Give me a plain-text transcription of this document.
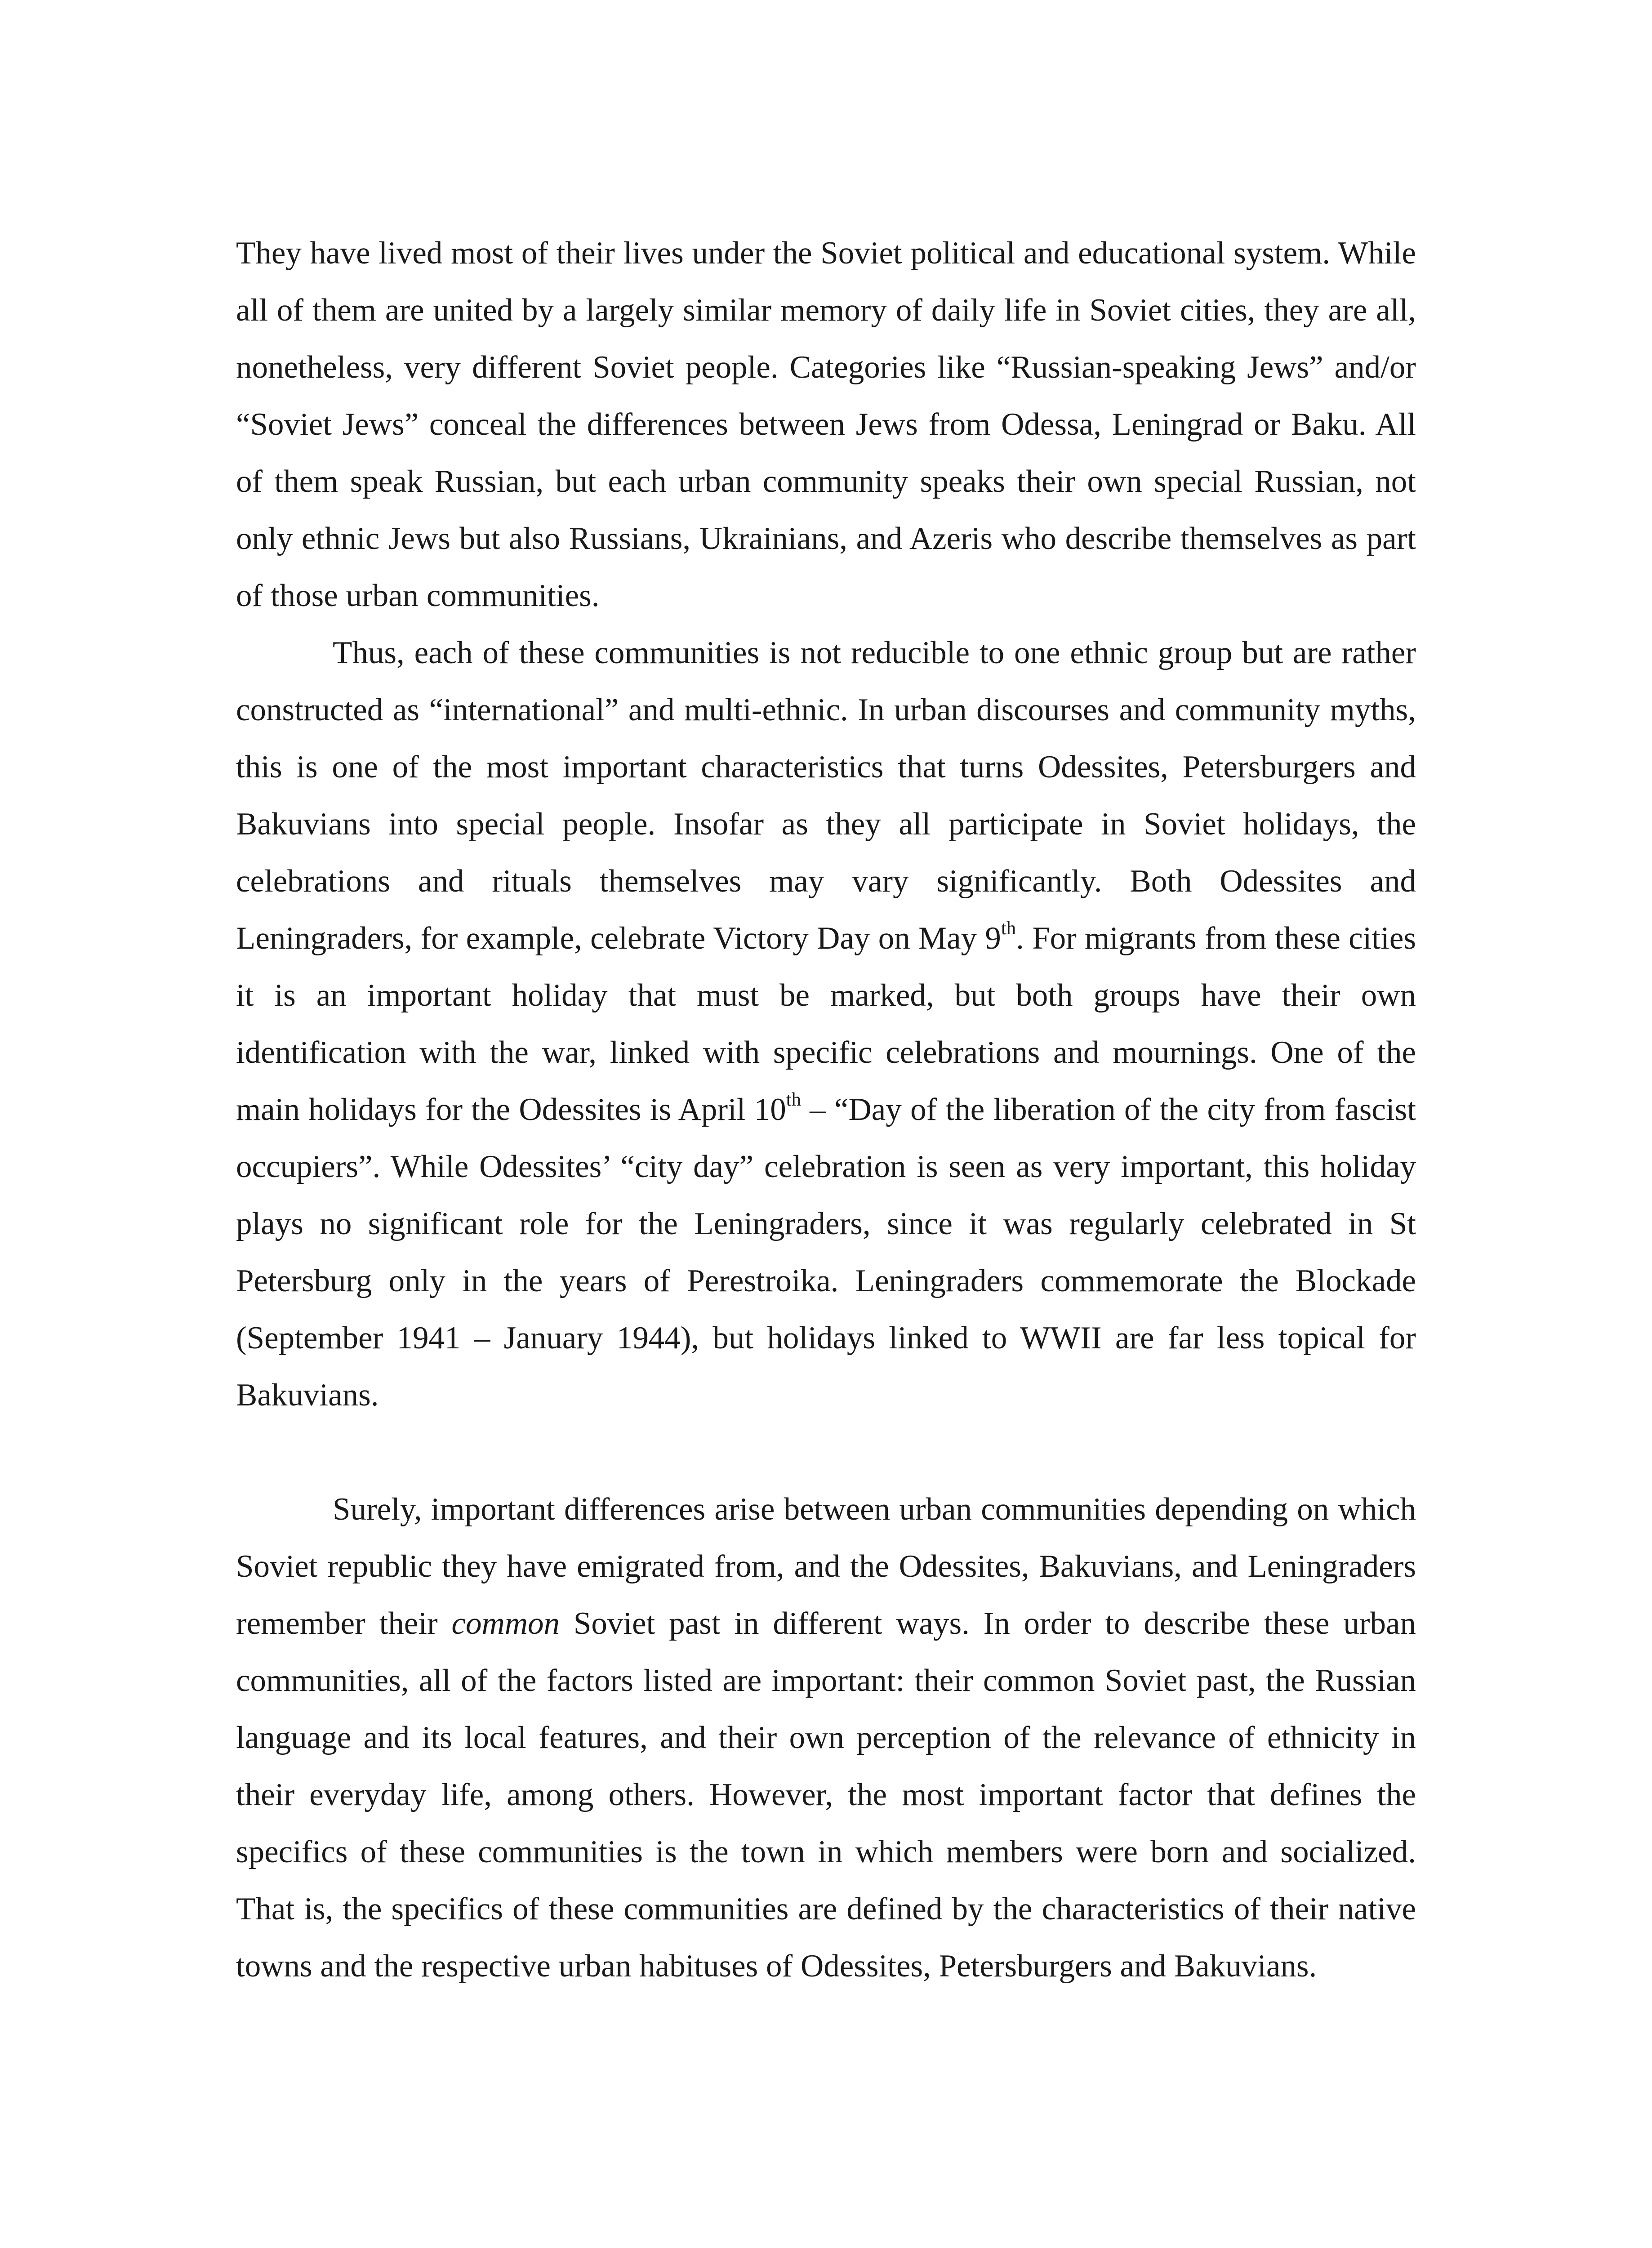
They have lived most of their lives under the Soviet political and educational system. While all of them are united by a largely similar memory of daily life in Soviet cities, they are all, nonetheless, very different Soviet people. Categories like “Russian-speaking Jews” and/or “Soviet Jews” conceal the differences between Jews from Odessa, Leningrad or Baku. All of them speak Russian, but each urban community speaks their own special Russian, not only ethnic Jews but also Russians, Ukrainians, and Azeris who describe themselves as part of those urban communities.

Thus, each of these communities is not reducible to one ethnic group but are rather constructed as “international” and multi-ethnic. In urban discourses and community myths, this is one of the most important characteristics that turns Odessites, Petersburgers and Bakuvians into special people. Insofar as they all participate in Soviet holidays, the celebrations and rituals themselves may vary significantly. Both Odessites and Leningraders, for example, celebrate Victory Day on May 9th. For migrants from these cities it is an important holiday that must be marked, but both groups have their own identification with the war, linked with specific celebrations and mournings. One of the main holidays for the Odessites is April 10th – “Day of the liberation of the city from fascist occupiers”. While Odessites’ “city day” celebration is seen as very important, this holiday plays no significant role for the Leningraders, since it was regularly celebrated in St Petersburg only in the years of Perestroika. Leningraders commemorate the Blockade (September 1941 – January 1944), but holidays linked to WWII are far less topical for Bakuvians.

Surely, important differences arise between urban communities depending on which Soviet republic they have emigrated from, and the Odessites, Bakuvians, and Leningraders remember their common Soviet past in different ways. In order to describe these urban communities, all of the factors listed are important: their common Soviet past, the Russian language and its local features, and their own perception of the relevance of ethnicity in their everyday life, among others. However, the most important factor that defines the specifics of these communities is the town in which members were born and socialized. That is, the specifics of these communities are defined by the characteristics of their native towns and the respective urban habituses of Odessites, Petersburgers and Bakuvians.
